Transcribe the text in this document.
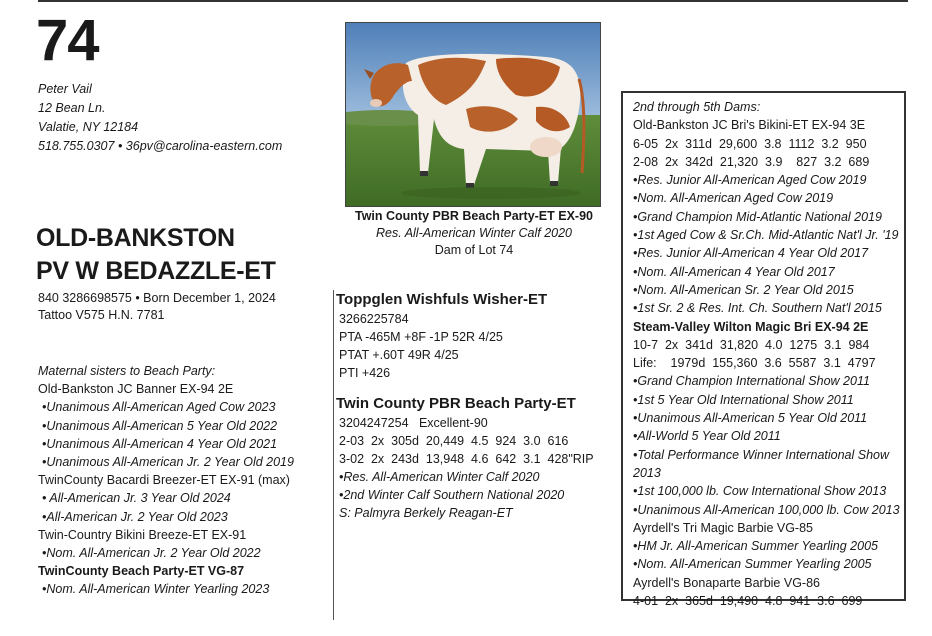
74
Peter Vail
12 Bean Ln.
Valatie, NY 12184
518.755.0307 • 36pv@carolina-eastern.com
OLD-BANKSTON
PV W BEDAZZLE-ET
840 3286698575 • Born December 1, 2024
Tattoo V575 H.N. 7781
Maternal sisters to Beach Party:
Old-Bankston JC Banner EX-94 2E
•Unanimous All-American Aged Cow 2023
•Unanimous All-American 5 Year Old 2022
•Unanimous All-American 4 Year Old 2021
•Unanimous All-American Jr. 2 Year Old 2019
TwinCounty Bacardi Breezer-ET EX-91 (max)
• All-American Jr. 3 Year Old 2024
•All-American Jr. 2 Year Old 2023
Twin-Country Bikini Breeze-ET EX-91
•Nom. All-American Jr. 2 Year Old 2022
TwinCounty Beach Party-ET VG-87
•Nom. All-American Winter Yearling 2023
Twin County PBR Beach Party-ET EX-90
Res. All-American Winter Calf 2020
Dam of Lot 74
Toppglen Wishfuls Wisher-ET
3266225784
PTA -465M +8F -1P 52R 4/25
PTAT +.60T 49R 4/25
PTI +426
Twin County PBR Beach Party-ET
3204247254   Excellent-90
2-03  2x  305d  20,449  4.5  924  3.0  616
3-02  2x  243d  13,948  4.6  642  3.1  428"RIP
•Res. All-American Winter Calf 2020
•2nd Winter Calf Southern National 2020
S: Palmyra Berkely Reagan-ET
2nd through 5th Dams:
Old-Bankston JC Bri's Bikini-ET EX-94 3E
6-05  2x  311d  29,600  3.8  1112  3.2  950
2-08  2x  342d  21,320  3.9    827  3.2  689
•Res. Junior All-American Aged Cow 2019
•Nom. All-American Aged Cow 2019
•Grand Champion Mid-Atlantic National 2019
•1st Aged Cow & Sr.Ch. Mid-Atlantic Nat'l Jr. '19
•Res. Junior All-American 4 Year Old 2017
•Nom. All-American 4 Year Old 2017
•Nom. All-American Sr. 2 Year Old 2015
•1st Sr. 2 & Res. Int. Ch. Southern Nat'l 2015
Steam-Valley Wilton Magic Bri EX-94 2E
10-7  2x  341d  31,820  4.0  1275  3.1  984
Life:    1979d  155,360  3.6  5587  3.1  4797
•Grand Champion International Show 2011
•1st 5 Year Old International Show 2011
•Unanimous All-American 5 Year Old 2011
•All-World 5 Year Old 2011
•Total Performance Winner International Show 2013
•1st 100,000 lb. Cow International Show 2013
•Unanimous All-American 100,000 lb. Cow 2013
Ayrdell's Tri Magic Barbie VG-85
•HM Jr. All-American Summer Yearling 2005
•Nom. All-American Summer Yearling 2005
Ayrdell's Bonaparte Barbie VG-86
4-01  2x  365d  19,490  4.8  941  3.6  699
